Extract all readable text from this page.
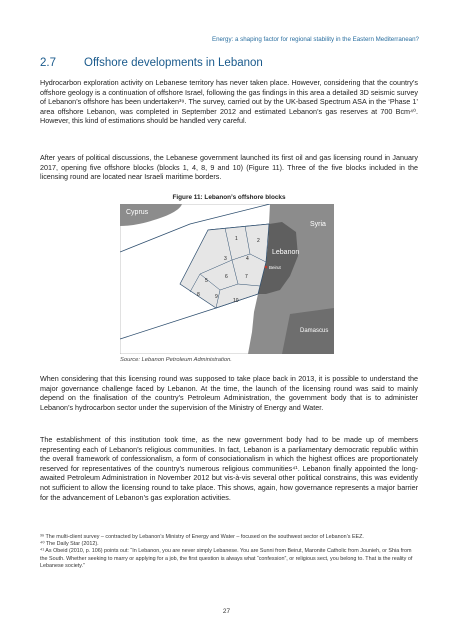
Energy: a shaping factor for regional stability in the Eastern Mediterranean?
2.7 Offshore developments in Lebanon

Hydrocarbon exploration activity on Lebanese territory has never taken place. However, considering that the country’s offshore geology is a continuation of offshore Israel, following the gas findings in this area a detailed 3D seismic survey of Lebanon’s offshore has been undertaken³⁹. The survey, carried out by the UK-based Spectrum ASA in the ‘Phase 1’ area offshore Lebanon, was completed in September 2012 and estimated Lebanon’s gas reserves at 700 Bcm⁴⁰. However, this kind of estimations should be handled very careful.

After years of political discussions, the Lebanese government launched its first oil and gas licensing round in January 2017, opening five offshore blocks (blocks 1, 4, 8, 9 and 10) (Figure 11). Three of the five blocks included in the licensing round are located near Israeli maritime borders.

Figure 11: Lebanon’s offshore blocks
1	2
3	4
5
6	7
8	9
10
Cyprus
Syria
Lebanon
Beirut
Damascus
Source: Lebanon Petroleum Administration.

When considering that this licensing round was supposed to take place back in 2013, it is possible to understand the major governance challenge faced by Lebanon. At the time, the launch of the licensing round was said to mainly depend on the finalisation of the country’s Petroleum Administration, the government body that is to administer Lebanon’s hydrocarbon sector under the supervision of the Ministry of Energy and Water.

The establishment of this institution took time, as the new government body had to be made up of members representing each of Lebanon’s religious communities. In fact, Lebanon is a parliamentary democratic republic within the overall framework of confessionalism, a form of consociationalism in which the highest offices are proportionately reserved for representatives of the country’s numerous religious communities⁴¹. Lebanon finally appointed the long-awaited Petroleum Administration in November 2012 but vis-à-vis several other political constrains, this was evidently not sufficient to allow the licensing round to take place. This shows, again, how governance represents a major barrier for the advancement of Lebanon’s gas exploration activities.

³⁹ The multi-client survey – contracted by Lebanon’s Ministry of Energy and Water – focused on the southwest sector of Lebanon’s EEZ.

⁴⁰ The Daily Star (2012).

⁴¹ As Obeid (2010, p. 106) points out: “In Lebanon, you are never simply Lebanese. You are Sunni from Beirut, Maronite Catholic from Jounieh, or Shia from the South. Whether seeking to marry or applying for a job, the first question is always what “confession”, or religious sect, you belong to. That is the reality of Lebanese society.”

27
